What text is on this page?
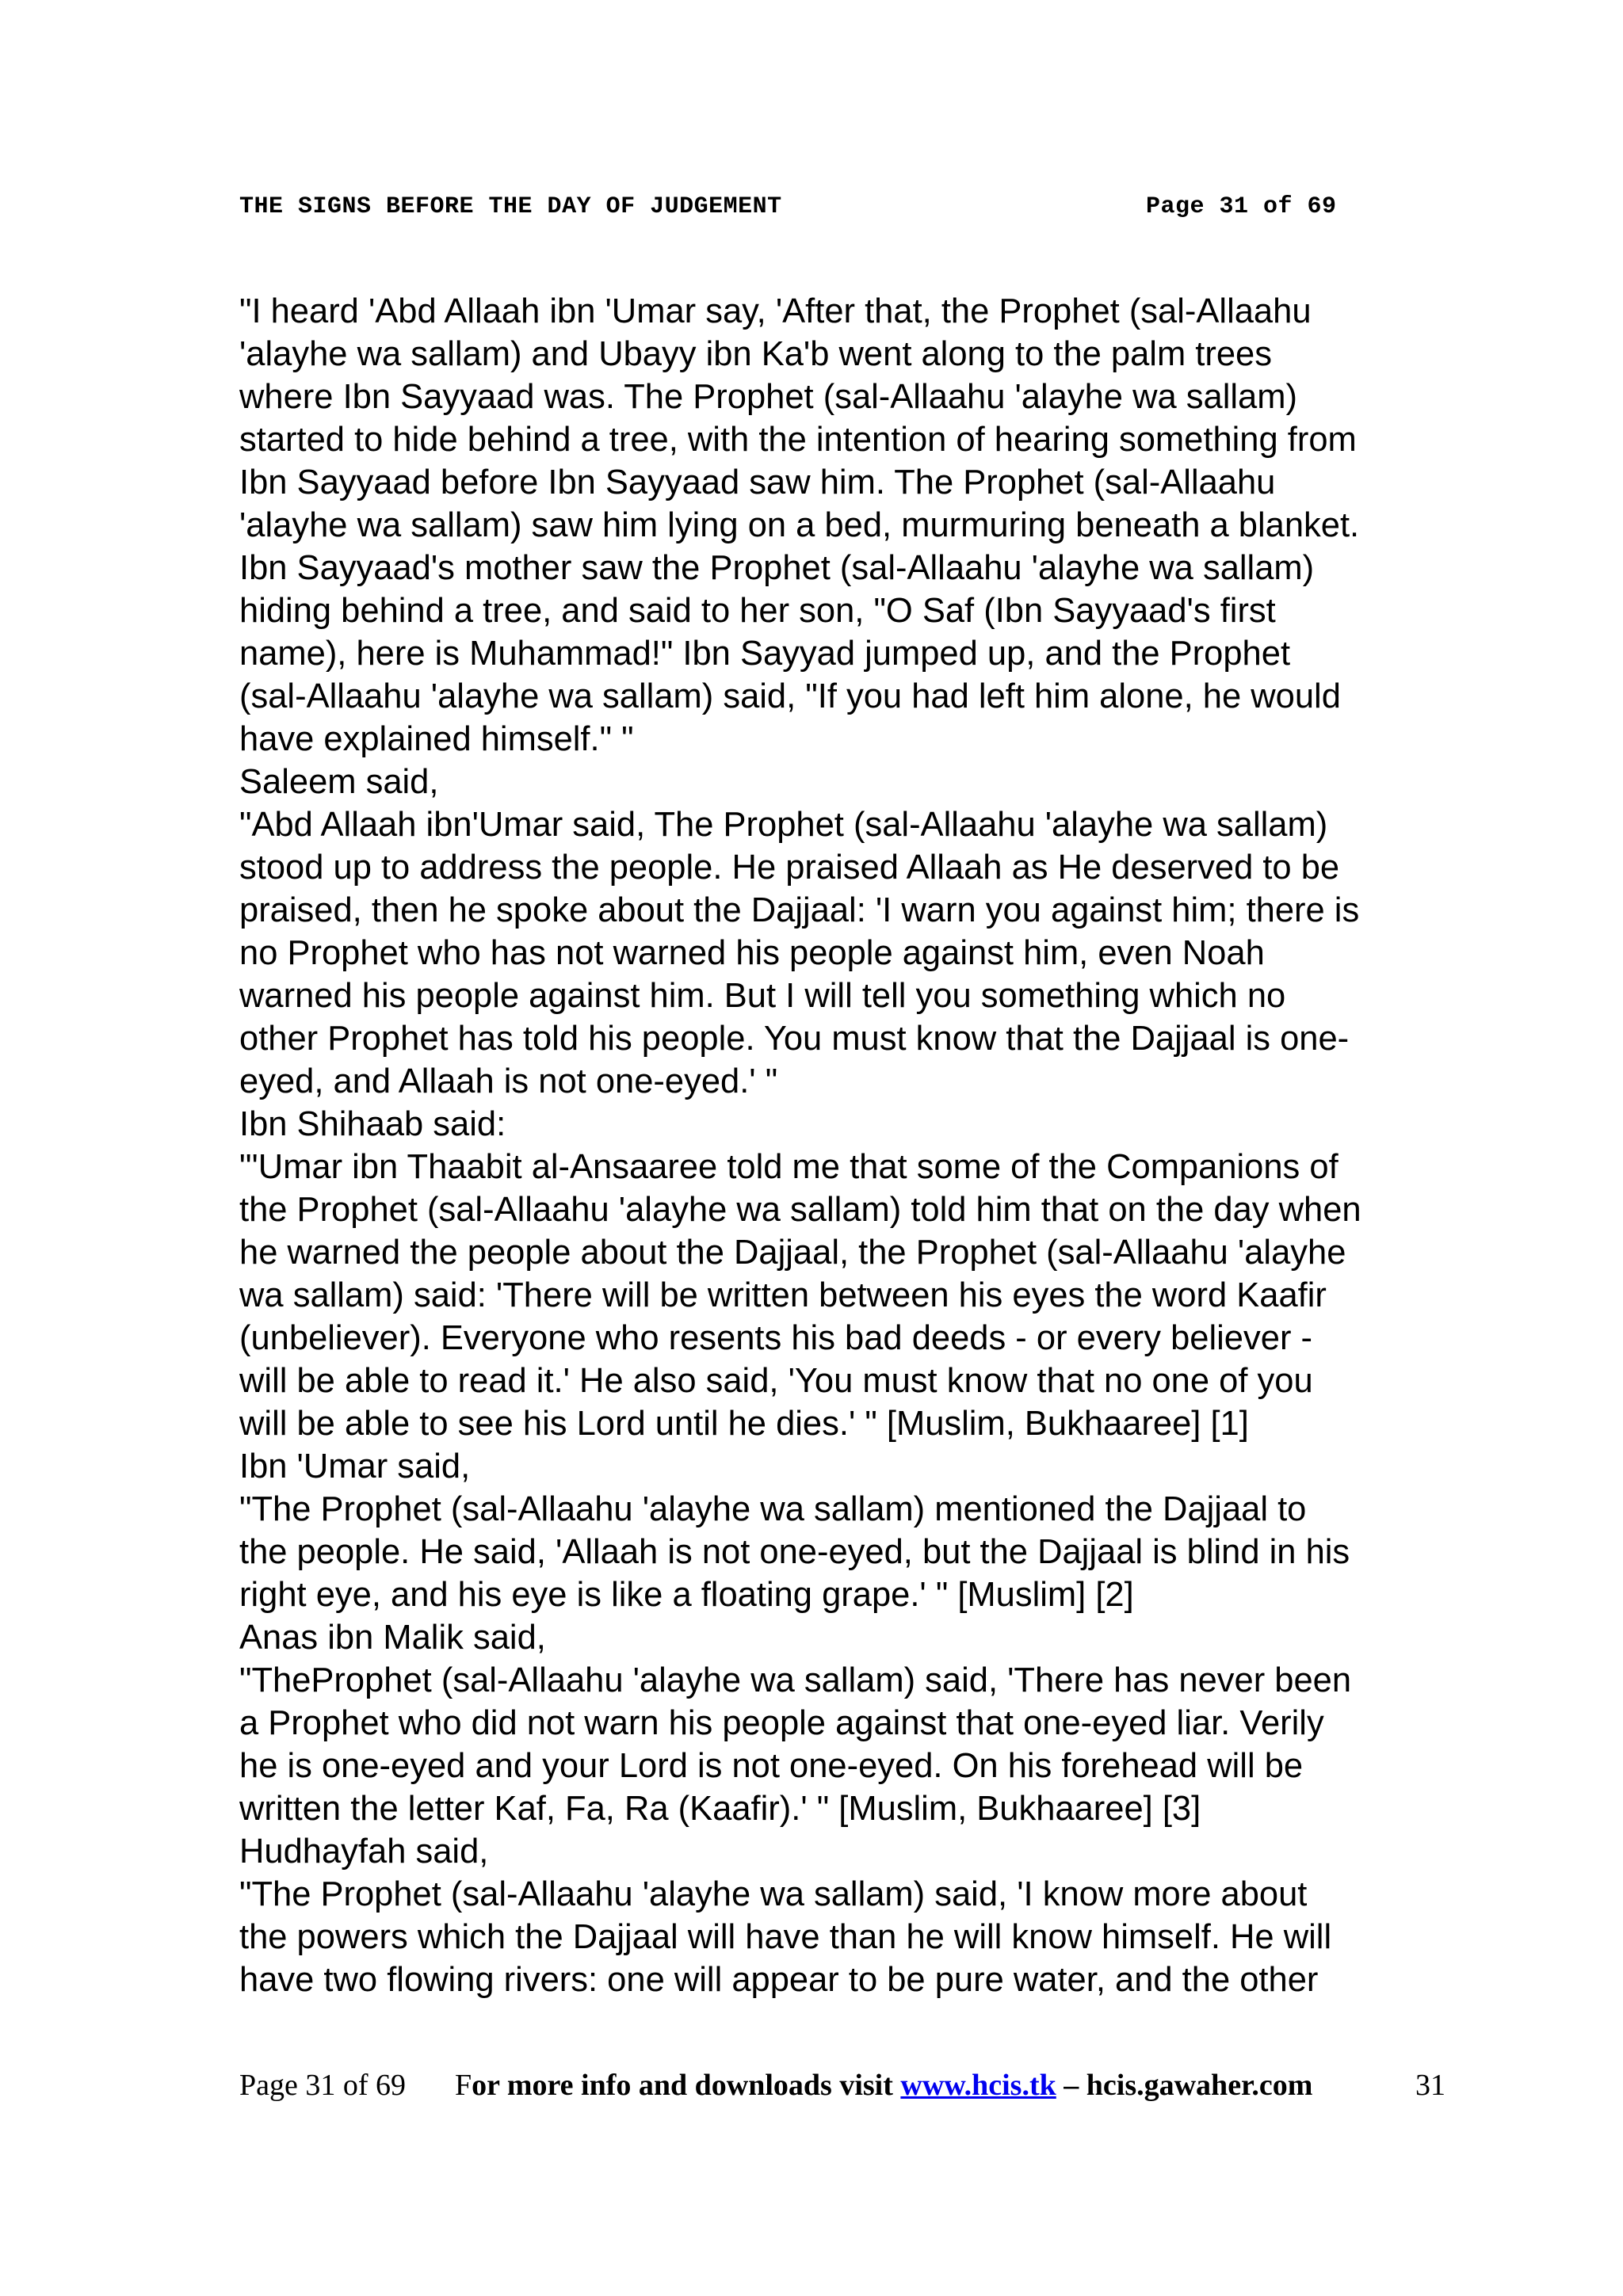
THE SIGNS BEFORE THE DAY OF JUDGEMENT	Page 31 of 69
"I heard 'Abd Allaah ibn 'Umar say, 'After that, the Prophet (sal-Allaahu
'alayhe wa sallam) and Ubayy ibn Ka'b went along to the palm trees
where Ibn Sayyaad was. The Prophet (sal-Allaahu 'alayhe wa sallam)
started to hide behind a tree, with the intention of hearing something from
Ibn Sayyaad before Ibn Sayyaad saw him. The Prophet (sal-Allaahu
'alayhe wa sallam) saw him lying on a bed, murmuring beneath a blanket.
Ibn Sayyaad's mother saw the Prophet (sal-Allaahu 'alayhe wa sallam)
hiding behind a tree, and said to her son, "O Saf (Ibn Sayyaad's first
name), here is Muhammad!" Ibn Sayyad jumped up, and the Prophet
(sal-Allaahu 'alayhe wa sallam) said, "If you had left him alone, he would
have explained himself." "
Saleem said,
"Abd Allaah ibn'Umar said, The Prophet (sal-Allaahu 'alayhe wa sallam)
stood up to address the people. He praised Allaah as He deserved to be
praised, then he spoke about the Dajjaal: 'I warn you against him; there is
no Prophet who has not warned his people against him, even Noah
warned his people against him. But I will tell you something which no
other Prophet has told his people. You must know that the Dajjaal is one-
eyed, and Allaah is not one-eyed.' "
Ibn Shihaab said:
"'Umar ibn Thaabit al-Ansaaree told me that some of the Companions of
the Prophet (sal-Allaahu 'alayhe wa sallam) told him that on the day when
he warned the people about the Dajjaal, the Prophet (sal-Allaahu 'alayhe
wa sallam) said: 'There will be written between his eyes the word Kaafir
(unbeliever). Everyone who resents his bad deeds - or every believer -
will be able to read it.' He also said, 'You must know that no one of you
will be able to see his Lord until he dies.' " [Muslim, Bukhaaree] [1]
Ibn 'Umar said,
"The Prophet (sal-Allaahu 'alayhe wa sallam) mentioned the Dajjaal to
the people. He said, 'Allaah is not one-eyed, but the Dajjaal is blind in his
right eye, and his eye is like a floating grape.' " [Muslim] [2]
Anas ibn Malik said,
"TheProphet (sal-Allaahu 'alayhe wa sallam) said, 'There has never been
a Prophet who did not warn his people against that one-eyed liar. Verily
he is one-eyed and your Lord is not one-eyed. On his forehead will be
written the letter Kaf, Fa, Ra (Kaafir).' " [Muslim, Bukhaaree] [3]
Hudhayfah said,
"The Prophet (sal-Allaahu 'alayhe wa sallam) said, 'I know more about
the powers which the Dajjaal will have than he will know himself. He will
have two flowing rivers: one will appear to be pure water, and the other
Page 31 of 69 For more info and downloads visit www.hcis.tk – hcis.gawaher.com	31
